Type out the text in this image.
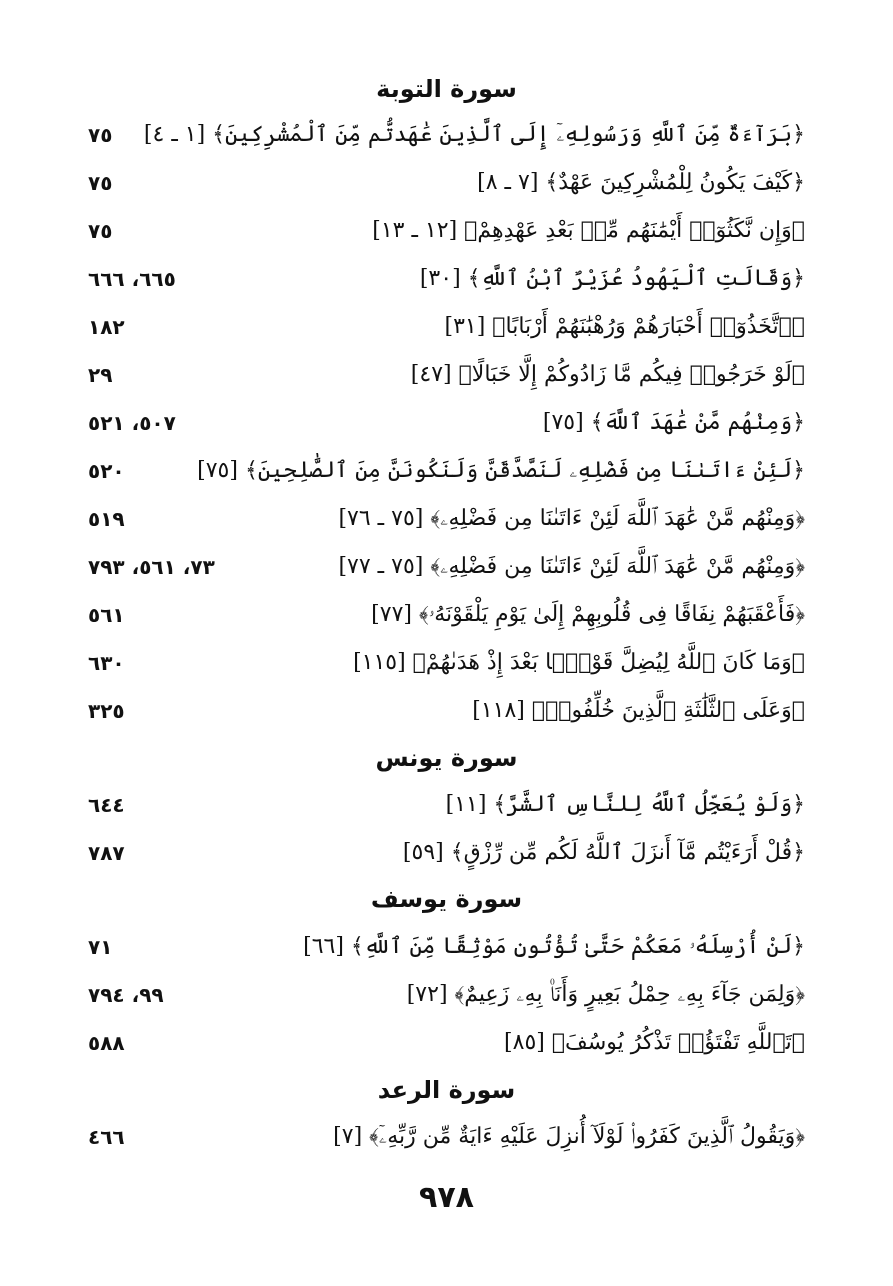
سورة التوبة
﴿بَرَآءَةٌ مِّنَ ٱللَّهِ وَرَسُولِهِۦٓ إِلَى ٱلَّذِينَ عَٰهَدتُّم مِّنَ ٱلْمُشْرِكِينَ﴾ [١ ـ ٤]
٧٥
﴿كَيْفَ يَكُونُ لِلْمُشْرِكِينَ عَهْدٌ﴾ [٧ ـ ٨]
٧٥
﴿وَإِن نَّكَثُوٓا۟ أَيْمَٰنَهُم مِّنۢ بَعْدِ عَهْدِهِمْ﴾ [١٢ ـ ١٣]
٧٥
﴿وَقَالَتِ ٱلْيَهُودُ عُزَيْرٌ ٱبْنُ ٱللَّهِ﴾ [٣٠]
٦٦٥، ٦٦٦
﴿ٱتَّخَذُوٓا۟ أَحْبَارَهُمْ وَرُهْبَٰنَهُمْ أَرْبَابًا﴾ [٣١]
١٨٢
﴿لَوْ خَرَجُوا۟ فِيكُم مَّا زَادُوكُمْ إِلَّا خَبَالًا﴾ [٤٧]
٢٩
﴿وَمِنْهُم مَّنْ عَٰهَدَ ٱللَّهَ﴾ [٧٥]
٥٠٧، ٥٢١
﴿لَئِنْ ءَاتَىٰنَا مِن فَضْلِهِۦ لَنَصَّدَّقَنَّ وَلَنَكُونَنَّ مِنَ ٱلصَّٰلِحِينَ﴾ [٧٥]
٥٢٠
﴿وَمِنْهُم مَّنْ عَٰهَدَ ٱللَّهَ لَئِنْ ءَاتَىٰنَا مِن فَضْلِهِۦ﴾ [٧٥ ـ ٧٦]
٥١٩
﴿وَمِنْهُم مَّنْ عَٰهَدَ ٱللَّهَ لَئِنْ ءَاتَىٰنَا مِن فَضْلِهِۦ﴾ [٧٥ ـ ٧٧]
٧٣، ٥٦١، ٧٩٣
﴿فَأَعْقَبَهُمْ نِفَاقًا فِى قُلُوبِهِمْ إِلَىٰ يَوْمِ يَلْقَوْنَهُۥ﴾ [٧٧]
٥٦١
﴿وَمَا كَانَ ٱللَّهُ لِيُضِلَّ قَوْمًۢا بَعْدَ إِذْ هَدَىٰهُمْ﴾ [١١٥]
٦٣٠
﴿وَعَلَى ٱلثَّلَٰثَةِ ٱلَّذِينَ خُلِّفُوا۟﴾ [١١٨]
٣٢٥
سورة يونس
﴿وَلَوْ يُعَجِّلُ ٱللَّهُ لِلنَّاسِ ٱلشَّرَّ﴾ [١١]
٦٤٤
﴿قُلْ أَرَءَيْتُم مَّآ أَنزَلَ ٱللَّهُ لَكُم مِّن رِّزْقٍ﴾ [٥٩]
٧٨٧
سورة يوسف
﴿لَنْ أُرْسِلَهُۥ مَعَكُمْ حَتَّىٰ تُؤْتُونِ مَوْثِقًا مِّنَ ٱللَّهِ﴾ [٦٦]
٧١
﴿وَلِمَن جَآءَ بِهِۦ حِمْلُ بَعِيرٍ وَأَنَا۠ بِهِۦ زَعِيمٌ﴾ [٧٢]
٩٩، ٧٩٤
﴿تَٱللَّهِ تَفْتَؤُا۟ تَذْكُرُ يُوسُفَ﴾ [٨٥]
٥٨٨
سورة الرعد
﴿وَيَقُولُ ٱلَّذِينَ كَفَرُوا۟ لَوْلَآ أُنزِلَ عَلَيْهِ ءَايَةٌ مِّن رَّبِّهِۦٓ﴾ [٧]
٤٦٦
٩٧٨
